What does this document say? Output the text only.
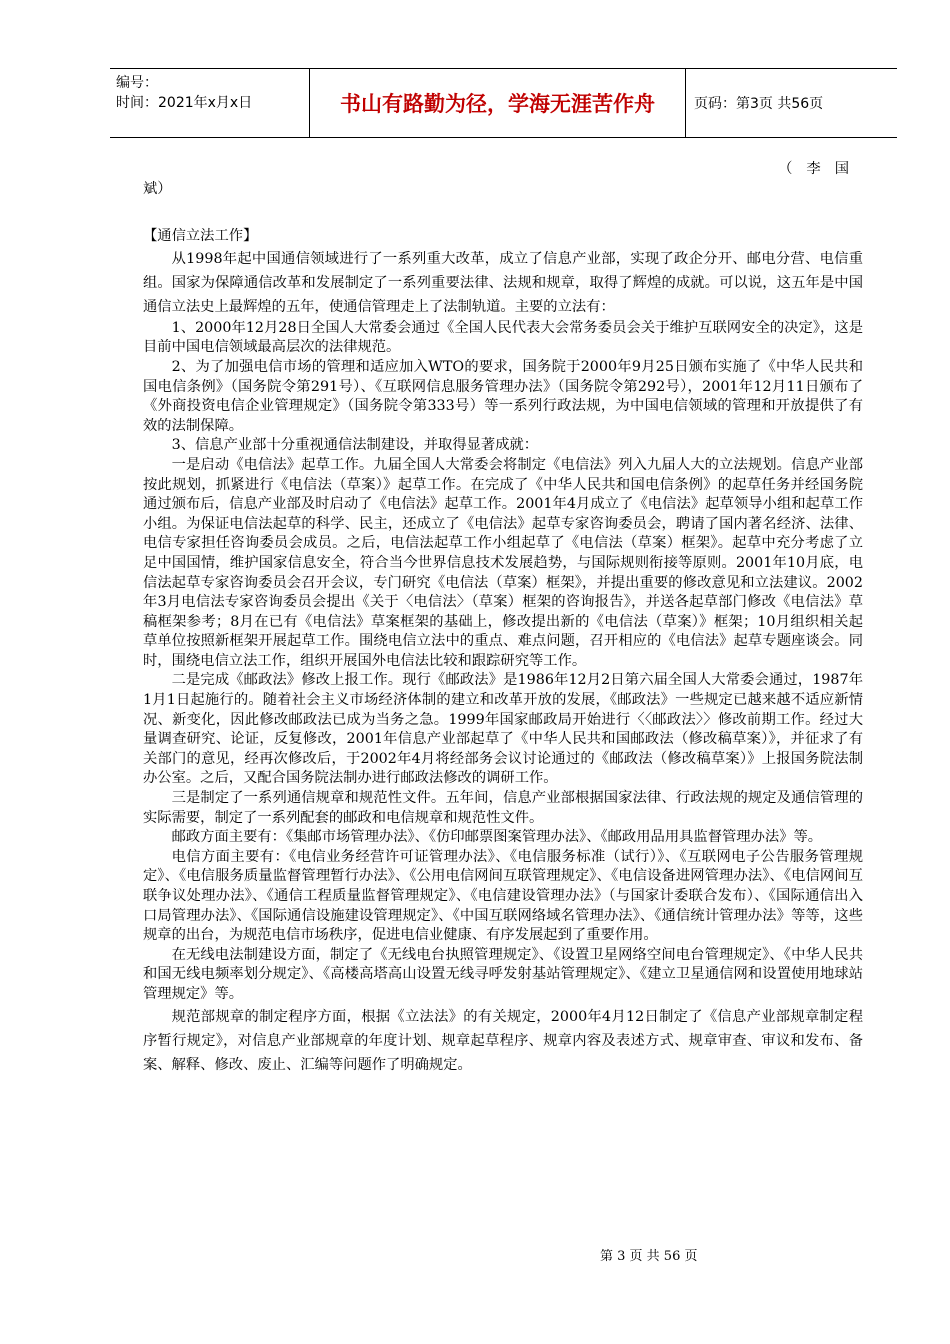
编号：
时间：2021年x月x日	书山有路勤为径，学海无涯苦作舟	页码：第3页 共56页

（李国

斌）

【通信立法工作】

从1998年起中国通信领域进行了一系列重大改革，成立了信息产业部，实现了政企分开、邮电分营、电信重组。国家为保障通信改革和发展制定了一系列重要法律、法规和规章，取得了辉煌的成就。可以说，这五年是中国通信立法史上最辉煌的五年，使通信管理走上了法制轨道。主要的立法有：

1、2000年12月28日全国人大常委会通过《全国人民代表大会常务委员会关于维护互联网安全的决定》，这是目前中国电信领域最高层次的法律规范。

2、为了加强电信市场的管理和适应加入WTO的要求，国务院于2000年9月25日颁布实施了《中华人民共和国电信条例》（国务院令第291号）、《互联网信息服务管理办法》（国务院令第292号），2001年12月11日颁布了《外商投资电信企业管理规定》（国务院令第333号）等一系列行政法规，为中国电信领域的管理和开放提供了有效的法制保障。

3、信息产业部十分重视通信法制建设，并取得显著成就：

一是启动《电信法》起草工作。九届全国人大常委会将制定《电信法》列入九届人大的立法规划。信息产业部按此规划，抓紧进行《电信法（草案）》起草工作。在完成了《中华人民共和国电信条例》的起草任务并经国务院通过颁布后，信息产业部及时启动了《电信法》起草工作。2001年4月成立了《电信法》起草领导小组和起草工作小组。为保证电信法起草的科学、民主，还成立了《电信法》起草专家咨询委员会，聘请了国内著名经济、法律、电信专家担任咨询委员会成员。之后，电信法起草工作小组起草了《电信法（草案）框架》。起草中充分考虑了立足中国国情，维护国家信息安全，符合当今世界信息技术发展趋势，与国际规则衔接等原则。2001年10月底，电信法起草专家咨询委员会召开会议，专门研究《电信法（草案）框架》，并提出重要的修改意见和立法建议。2002年3月电信法专家咨询委员会提出《关于〈电信法〉（草案）框架的咨询报告》，并送各起草部门修改《电信法》草稿框架参考；8月在已有《电信法》草案框架的基础上，修改提出新的《电信法（草案）》框架；10月组织相关起草单位按照新框架开展起草工作。围绕电信立法中的重点、难点问题，召开相应的《电信法》起草专题座谈会。同时，围绕电信立法工作，组织开展国外电信法比较和跟踪研究等工作。

二是完成《邮政法》修改上报工作。现行《邮政法》是1986年12月2日第六届全国人大常委会通过，1987年1月1日起施行的。随着社会主义市场经济体制的建立和改革开放的发展，《邮政法》一些规定已越来越不适应新情况、新变化，因此修改邮政法已成为当务之急。1999年国家邮政局开始进行〈〈邮政法〉〉修改前期工作。经过大量调查研究、论证，反复修改，2001年信息产业部起草了《中华人民共和国邮政法（修改稿草案）》，并征求了有关部门的意见，经再次修改后，于2002年4月将经部务会议讨论通过的《邮政法（修改稿草案）》上报国务院法制办公室。之后，又配合国务院法制办进行邮政法修改的调研工作。

三是制定了一系列通信规章和规范性文件。五年间，信息产业部根据国家法律、行政法规的规定及通信管理的实际需要，制定了一系列配套的邮政和电信规章和规范性文件。

邮政方面主要有：《集邮市场管理办法》、《仿印邮票图案管理办法》、《邮政用品用具监督管理办法》等。

电信方面主要有：《电信业务经营许可证管理办法》、《电信服务标准（试行）》、《互联网电子公告服务管理规定》、《电信服务质量监督管理暂行办法》、《公用电信网间互联管理规定》、《电信设备进网管理办法》、《电信网间互联争议处理办法》、《通信工程质量监督管理规定》、《电信建设管理办法》（与国家计委联合发布）、《国际通信出入口局管理办法》、《国际通信设施建设管理规定》、《中国互联网络域名管理办法》、《通信统计管理办法》等等，这些规章的出台，为规范电信市场秩序，促进电信业健康、有序发展起到了重要作用。

在无线电法制建设方面，制定了《无线电台执照管理规定》、《设置卫星网络空间电台管理规定》、《中华人民共和国无线电频率划分规定》、《高楼高塔高山设置无线寻呼发射基站管理规定》、《建立卫星通信网和设置使用地球站管理规定》等。

规范部规章的制定程序方面，根据《立法法》的有关规定，2000年4月12日制定了《信息产业部规章制定程序暂行规定》，对信息产业部规章的年度计划、规章起草程序、规章内容及表述方式、规章审查、审议和发布、备案、解释、修改、废止、汇编等问题作了明确规定。

第 3 页 共 56 页
